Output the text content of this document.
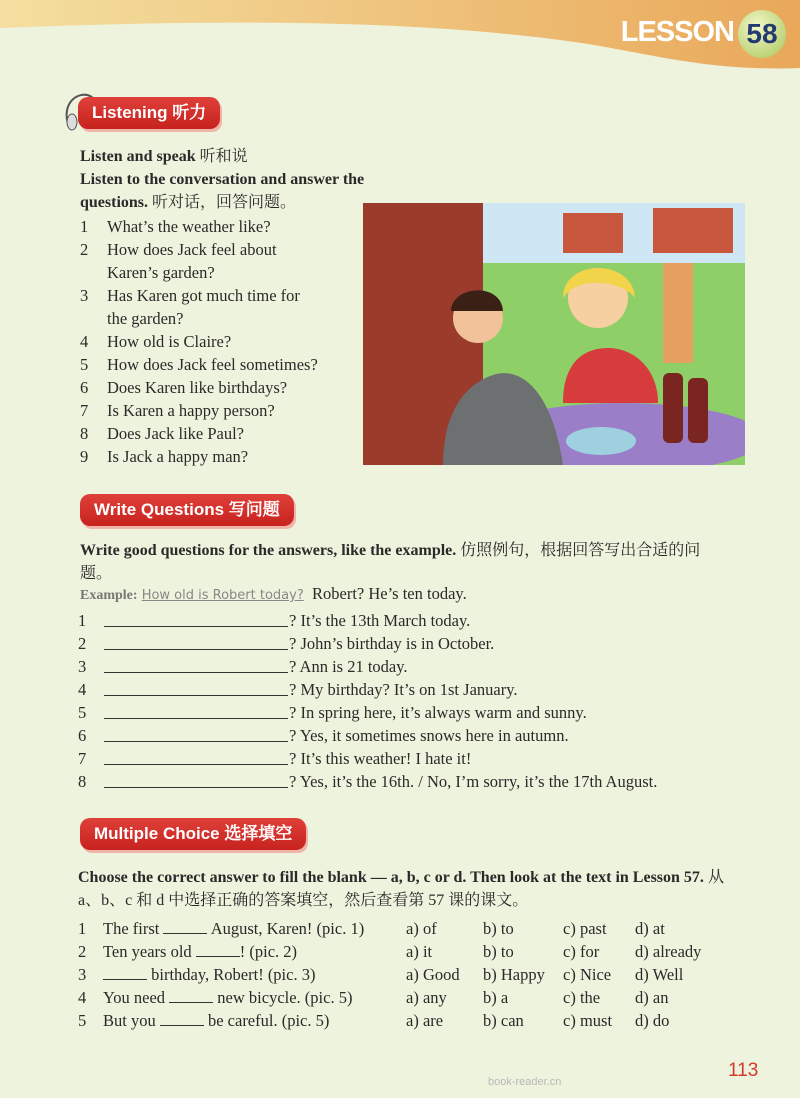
LESSON 58
Listening 听力
Listen and speak 听和说
Listen to the conversation and answer the questions. 听对话，回答问题。
1	What’s the weather like?
2	How does Jack feel about Karen’s garden?
3	Has Karen got much time for the garden?
4	How old is Claire?
5	How does Jack feel sometimes?
6	Does Karen like birthdays?
7	Is Karen a happy person?
8	Does Jack like Paul?
9	Is Jack a happy man?
Write Questions 写问题
Write good questions for the answers, like the example. 仿照例句，根据回答写出合适的问题。
Example: How old is Robert today? Robert? He’s ten today.
1	? It’s the 13th March today.
2	? John’s birthday is in October.
3	? Ann is 21 today.
4	? My birthday? It’s on 1st January.
5	? In spring here, it’s always warm and sunny.
6	? Yes, it sometimes snows here in autumn.
7	? It’s this weather! I hate it!
8	? Yes, it’s the 16th. / No, I’m sorry, it’s the 17th August.
Multiple Choice 选择填空
Choose the correct answer to fill the blank — a, b, c or d. Then look at the text in Lesson 57. 从 a、b、c 和 d 中选择正确的答案填空，然后查看第 57 课的课文。
1	The first	August, Karen! (pic. 1)	a) of	b) to	c) past	d) at
2	Ten years old	! (pic. 2)	a) it	b) to	c) for	d) already
3	birthday, Robert! (pic. 3)	a) Good	b) Happy	c) Nice	d) Well
4	You need	new bicycle. (pic. 5)	a) any	b) a	c) the	d) an
5	But you	be careful. (pic. 5)	a) are	b) can	c) must	d) do
113
book-reader.cn
